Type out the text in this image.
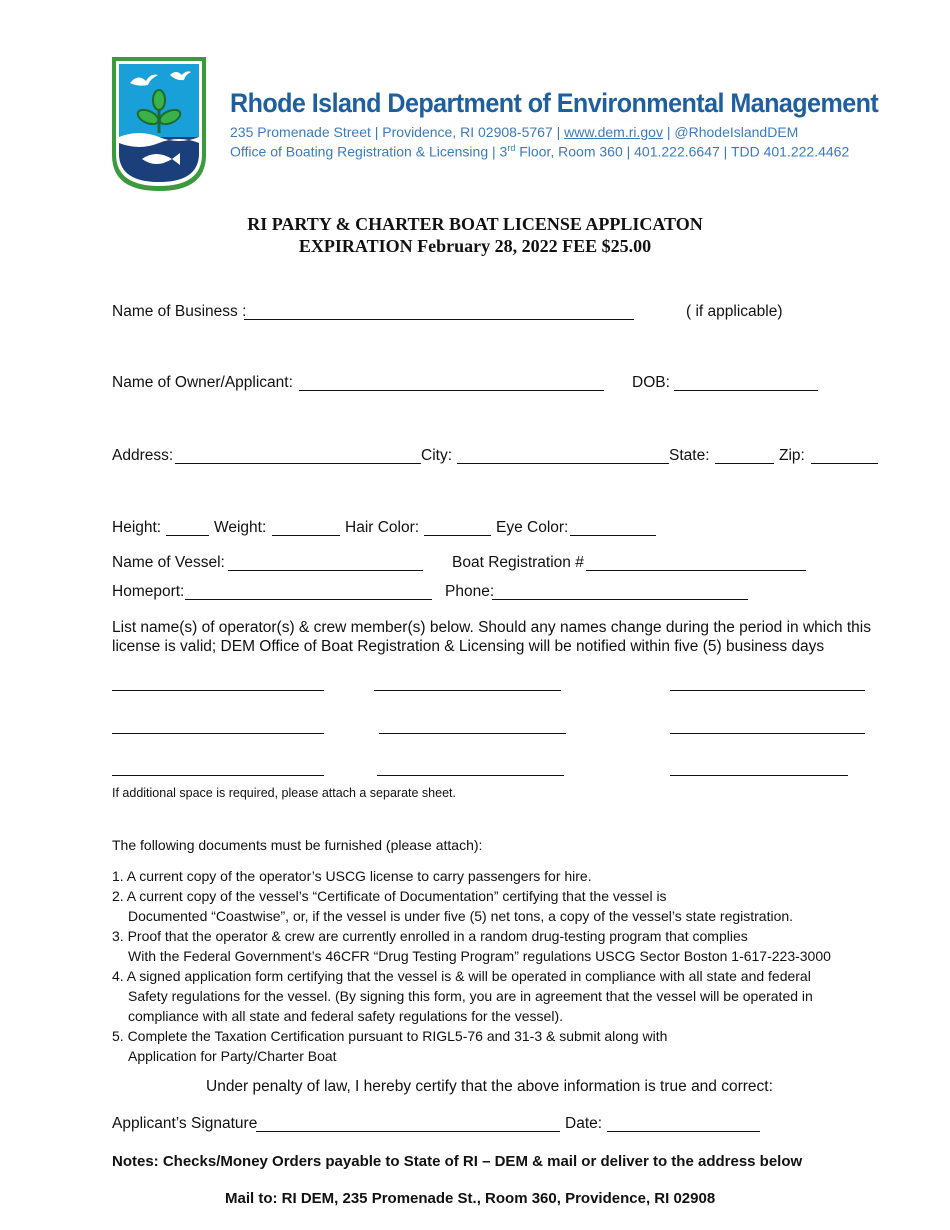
Rhode Island Department of Environmental Management
235 Promenade Street | Providence, RI 02908-5767 | www.dem.ri.gov | @RhodeIslandDEM
Office of Boating Registration & Licensing | 3rd Floor, Room 360 | 401.222.6647 | TDD 401.222.4462
RI PARTY & CHARTER BOAT LICENSE APPLICATON
EXPIRATION February 28, 2022 FEE $25.00
Name of Business :	( if applicable)
Name of Owner/Applicant:	DOB:
Address:	City:	State:	Zip:
Height:	Weight:	Hair Color:	Eye Color:
Name of Vessel:	Boat Registration #
Homeport:	Phone:
List name(s) of operator(s) & crew member(s) below. Should any names change during the period in which this
license is valid; DEM Office of Boat Registration & Licensing will be notified within five (5) business days
If additional space is required, please attach a separate sheet.
The following documents must be furnished (please attach):
1. A current copy of the operator’s USCG license to carry passengers for hire.
2. A current copy of the vessel’s “Certificate of Documentation” certifying that the vessel is
Documented “Coastwise”, or, if the vessel is under five (5) net tons, a copy of the vessel’s state registration.
3. Proof that the operator & crew are currently enrolled in a random drug-testing program that complies
With the Federal Government’s 46CFR “Drug Testing Program” regulations USCG Sector Boston 1-617-223-3000
4. A signed application form certifying that the vessel is & will be operated in compliance with all state and federal
Safety regulations for the vessel. (By signing this form, you are in agreement that the vessel will be operated in
compliance with all state and federal safety regulations for the vessel).
5. Complete the Taxation Certification pursuant to RIGL5-76 and 31-3 & submit along with
Application for Party/Charter Boat
Under penalty of law, I hereby certify that the above information is true and correct:
Applicant’s Signature	Date:
Notes: Checks/Money Orders payable to State of RI – DEM & mail or deliver to the address below
Mail to: RI DEM, 235 Promenade St., Room 360, Providence, RI 02908
